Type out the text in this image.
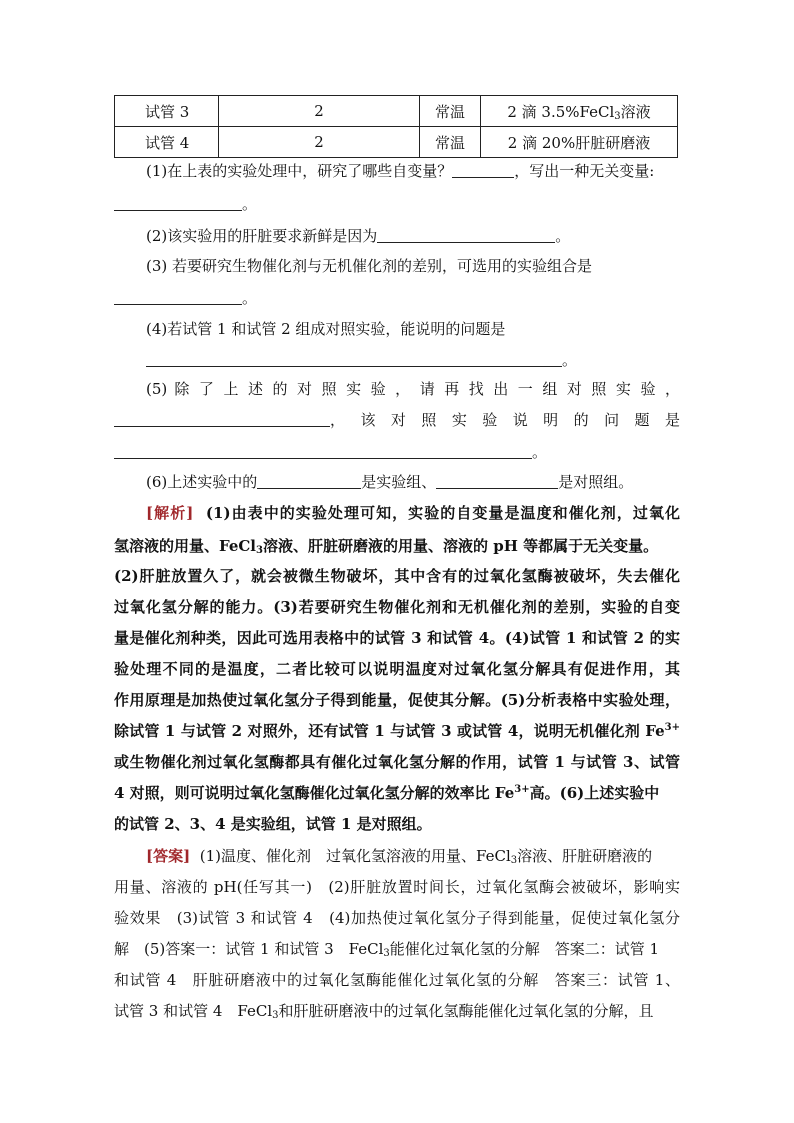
试管 3	2	常温	2 滴 3.5%FeCl$_3$溶液
试管 4	2	常温	2 滴 20%肝脏研磨液
(1)在上表的实验处理中，研究了哪些自变量？	，写出一种无关变量:
。
(2)该实验用的肝脏要求新鲜是因为	。
(3) 若要研究生物催化剂与无机催化剂的差别，可选用的实验组合是
。
(4)若试管 1 和试管 2 组成对照实验，能说明的问题是
。
(5) 除 了 上 述 的 对 照 实 验 ， 请 再 找 出 一 组 对 照 实 验 ，
， 该 对 照 实 验 说 明 的 问 题 是
。
(6)上述实验中的	是实验组、	是对照组。
[解析] (1)由表中的实验处理可知，实验的自变量是温度和催化剂，过氧化
氢溶液的用量、FeCl$_3$溶液、肝脏研磨液的用量、溶液的 pH 等都属于无关变量。
(2)肝脏放置久了，就会被微生物破坏，其中含有的过氧化氢酶被破坏，失去催化
过氧化氢分解的能力。(3)若要研究生物催化剂和无机催化剂的差别，实验的自变
量是催化剂种类，因此可选用表格中的试管 3 和试管 4。(4)试管 1 和试管 2 的实
验处理不同的是温度，二者比较可以说明温度对过氧化氢分解具有促进作用，其
作用原理是加热使过氧化氢分子得到能量，促使其分解。(5)分析表格中实验处理，
除试管 1 与试管 2 对照外，还有试管 1 与试管 3 或试管 4，说明无机催化剂 $Fe^{3+}$
或生物催化剂过氧化氢酶都具有催化过氧化氢分解的作用，试管 1 与试管 3、试管
4 对照，则可说明过氧化氢酶催化过氧化氢分解的效率比 $Fe^{3+}$高。(6)上述实验中
的试管 2、3、4 是实验组，试管 1 是对照组。
[答案] (1)温度、催化剂　过氧化氢溶液的用量、FeCl$_3$溶液、肝脏研磨液的
用量、溶液的 pH(任写其一)　(2)肝脏放置时间长，过氧化氢酶会被破坏，影响实
验效果　(3)试管 3 和试管 4　(4)加热使过氧化氢分子得到能量，促使过氧化氢分
解　(5)答案一：试管 1 和试管 3　FeCl$_3$能催化过氧化氢的分解　答案二：试管 1
和试管 4　肝脏研磨液中的过氧化氢酶能催化过氧化氢的分解　答案三：试管 1、
试管 3 和试管 4　FeCl$_3$和肝脏研磨液中的过氧化氢酶能催化过氧化氢的分解，且
